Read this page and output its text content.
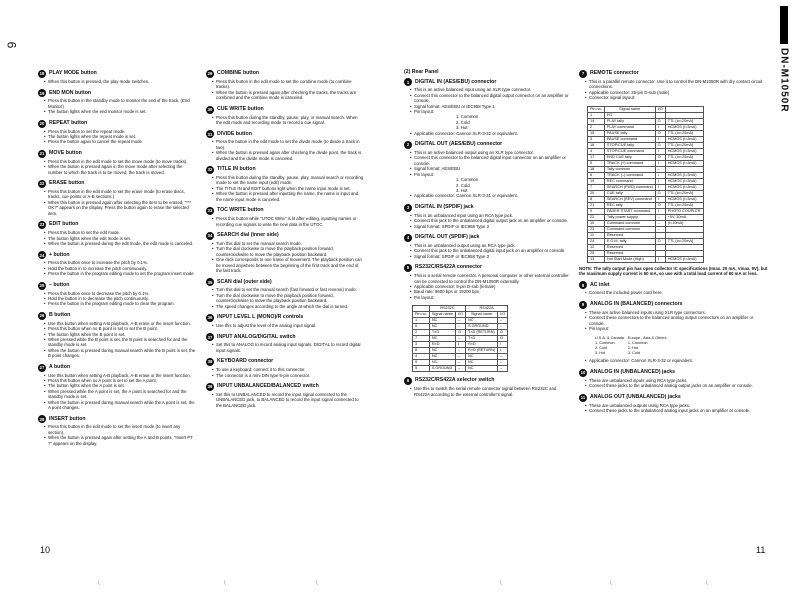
6
DN-M1050R
18 PLAY MODE button
• When this button is pressed, the play mode switches.
19 END MON button
• Press this button in the standby mode to monitor the end of the track. (End Monitor)
• The button lights when the end monitor mode is set.
20 REPEAT button
• Press this button to set the repeat mode.
• The button lights when the repeat mode is set.
• Press the button again to cancel the repeat mode.
21 MOVE button
• Press this button in the edit mode to set the move mode (to move tracks).
• When the button is pressed again in the move mode after selecting the number to which the track is to be moved, the track is moved.
22 ERASE button
• Press this button in the edit mode to set the erase mode (to erase discs, tracks, cue points or A-B sections.)
• When this button is pressed again after selecting the item to be erased, "*** OK?" appears on the display. Press the button again to erase the selected item.
23 EDIT button
• Press this button to set the edit mode.
• The button lights when the edit mode is set.
• When the button is pressed during the edit mode, the edit mode is canceled.
24 + button
• Press this button once to increase the pitch by 0.1%.
• Hold the button in to increase the pitch continuously.
• Press the button in the program editing mode to set the program insert mode.
25 – button
• Press this button once to decrease the pitch by 0.1%.
• Hold the button in to decrease the pitch continuously.
• Press the button in the program editing mode to clear the program.
26 B button
• Use this button when setting A-B playback, A-B erase or the insert function.
• Press this button when no B point is set to set the B point.
• The button lights when the B point is set.
• When pressed while the B point is set, the B point is searched for and the standby mode is set.
• When the button is pressed during manual search while the B point is set, the B point changes.
27 A button
• Use this button when setting A-B playback, A-B erase or the insert function.
• Press this button when no A point is set to set the A point.
• The button lights when the A point is set.
• When pressed while the A point is set, the A point is searched for and the standby mode is set.
• When the button is pressed during manual search while the A point is set, the A point changes.
28 INSERT button
• Press this button in the edit mode to set the insert mode (to insert any section).
• When the button is pressed again after setting the A and B points, "Insert PT ?" appears on the display.
29 COMBINE button
• Press this button in the edit mode to set the combine mode (to combine tracks).
• When the button is pressed again after checking the tracks, the tracks are combined and the combine mode is canceled.
30 CUE WRITE button
• Press this button during the standby, pause, play, or manual search. When the edit mode and recording mode to record a cue signal.
31 DIVIDE button
• Press the button in the edit mode to set the divide mode (to divide a track in two).
• When the button is pressed again after checking the divide point, the track is divided and the divide mode is canceled.
32 TITLE IN button
• Press this button during the standby, pause, play, manual search or recording mode to set the name input (edit) mode.
• The TITLE IN and EDIT buttons light when the name input mode is set.
• When the button is pressed after inputting the name, the name is input and the name input mode is canceled.
33 TOC WRITE button
• Press this button while "UTOC Write" is lit after editing, inputting names or recording cue signals to write the new data in the UTOC.
34 SEARCH dial (inner side)
• Turn this dial to set the manual search mode.
• Turn the dial clockwise to move the playback position forward, counterclockwise to move the playback position backward.
• One click corresponds to one frame of movement. The playback position can be moved anywhere between the beginning of the first track and the end of the last track.
35 SCAN dial (outer side)
• Turn this dial to set the manual search (fast forward or fast reverse) mode.
• Turn the dial clockwise to move the playback position forward, counterclockwise to move the playback position backward.
• The speed changes according to the angle at which the dial is turned.
36 INPUT LEVEL L (MONO)/R controls
• Use this to adjust the level of the analog input signal.
37 INPUT ANALOG/DIGITAL switch
• Set this to ANALOG to record analog input signals, DIGITAL to record digital input signals.
38 KEYBOARD connector
• To use a keyboard, connect it to this connector.
• The connector is a mini DIN type 6-pin connector.
39 INPUT UNBALANCED/BALANCED switch
• Set this to UNBALANCED to record the input signal connected to the UNBALANCED jack, to BALANCED to record the input signal connected to the BALANCED jack.
(2) Rear Panel
1	DIGITAL IN (AES/EBU) connector
• This is an active balanced input using an XLR type connector.
• Connect this connector to the balanced digital output connector on an amplifier or console.
• Signal format: AES/EBU or IEC958 Type 1
• Pin layout:
1. Common
2. Cold
3. Hot
• Applicable connector: Cannon XLR-3-32 or equivalent.
2	DIGITAL OUT (AES/EBU) connector
• This is an active balanced output using an XLR type connector.
• Connect this connector to the balanced digital input connector on an amplifier or console.
• Signal format: AES/EBU
• Pin layout:
1. Common
2. Cold
3. Hot
• Applicable connector: Cannon XLR-3-31 or equivalent.
3	DIGITAL IN (SPDIF) jack
• This is an unbalanced input using an RCA type jack.
• Connect this jack to the unbalanced digital output jack on an amplifier or console.
• Signal format: SPDIF or IEC958 Type 3
4	DIGITAL OUT (SPDIF) jack
• This is an unbalanced output using an RCA type jack.
• Connect this jack to the unbalanced digital input jack on an amplifier or console.
• Signal format: SPDIF or IEC958 Type 3
5	RS232C/RS422A connector
• This is a serial remote connector. A personal computer or other external controller can be connected to control the DN-M1050R externally.
• Applicable connector: 9-pin D-sub (female)
• Baud rate: 9600 bps or 19200 bps
• Pin layout:
	RS232C		RS422A	
Pin no.	Signal name	I/O	Signal name	I/O
1	NC	–	NC	–
6	NC	–	S.GROUND	–
2	T×D	O	T×D (RETURN)	O
7	NC	–	T×D	O
3	R×D	I	R×D	I
8	NC	–	R×D (RETURN)	I
4	NC	–	NC	–
9	NC	–	NC	–
5	S.GROUND	–	NC	–
6	RS232C/RS422A selector switch
• Use this to switch the serial remote connector signal between RS232C and RS422A according to the external controller's signal.
7	REMOTE connector
• This is a parallel remote connector. Use it to control the DN-M1050R with dry contact circuit connections.
• Applicable connector: 25-pin D-sub (male)
• Connector signal layout:
Pin no.	Signal name	I/O	
1	FG		
14	PLAY tally	O	TTL (Io=20mA)
2	PLAY command	I	HCMOS (I=3mA)
15	PAUSE tally	O	TTL (Io=20mA)
3	PAUSE command	I	HCMOS (I=3mA)
16	STOP/CUE tally	O	TTL (Io=20mA)
4	STOP/CUE command	I	HCMOS (I=3mA)
17	END CUE tally	O	TTL (Io=20mA)
5	TRACK (+) command	I	HCMOS (I=3mA)
18	Tally common	–	
6	TRACK (–) command	I	HCMOS (I=3mA)
19	REC command	I	HCMOS (I=3mA)
7	SEARCH (FWD) command	I	HCMOS (I=3mA)
20	CUE tally	O	TTL (Io=20mA)
8	SEARCH (REV) command	I	HCMOS (I=3mA)
21	REC tally	O	TTL (Io=20mA)
9	FADER START command	I	PHOTO COUPLER
22	Tally power supply	–	+5V, 30mA
10	Command common	–	(I=10mA)
23	Command common	–	
11	Reserved		
24	E.O.M. tally	O	TTL (Io=20mA)
12	Reserved		
25	Reserved		
13	Hot Start Mode (High)	I	HCMOS (I=3mA)
NOTE: The tally output pin has open collector IC specifications (Imax. 20 mA, Vmax. 5V), but the maximum supply current is 60 mA, so use with a total load current of 60 mA or less.
8	AC inlet
• Connect the included power cord here.
9	ANALOG IN (BALANCED) connectors
• These are active balanced inputs using XLR type connectors.
• Connect these connectors to the balanced analog output connectors on an amplifier or console.
• Pin layout:
U.S.A. & Canada	Europe , Asia & Others
1. Common	1. Common
2. Cold	2. Hot
3. Hot	3. Cold
• Applicable connector: Cannon XLR-3-32 or equivalent.
10 ANALOG IN (UNBALANCED) jacks
• These are unbalanced inputs using RCA type jacks.
• Connect these jacks to the unbalanced analog output jacks on an amplifier or console.
11 ANALOG OUT (UNBALANCED) jacks
• These are unbalanced outputs using RCA type jacks.
• Connect these jacks to the unbalanced analog input jacks on an amplifier or console.
10	11
\	\	\	\	\	\
